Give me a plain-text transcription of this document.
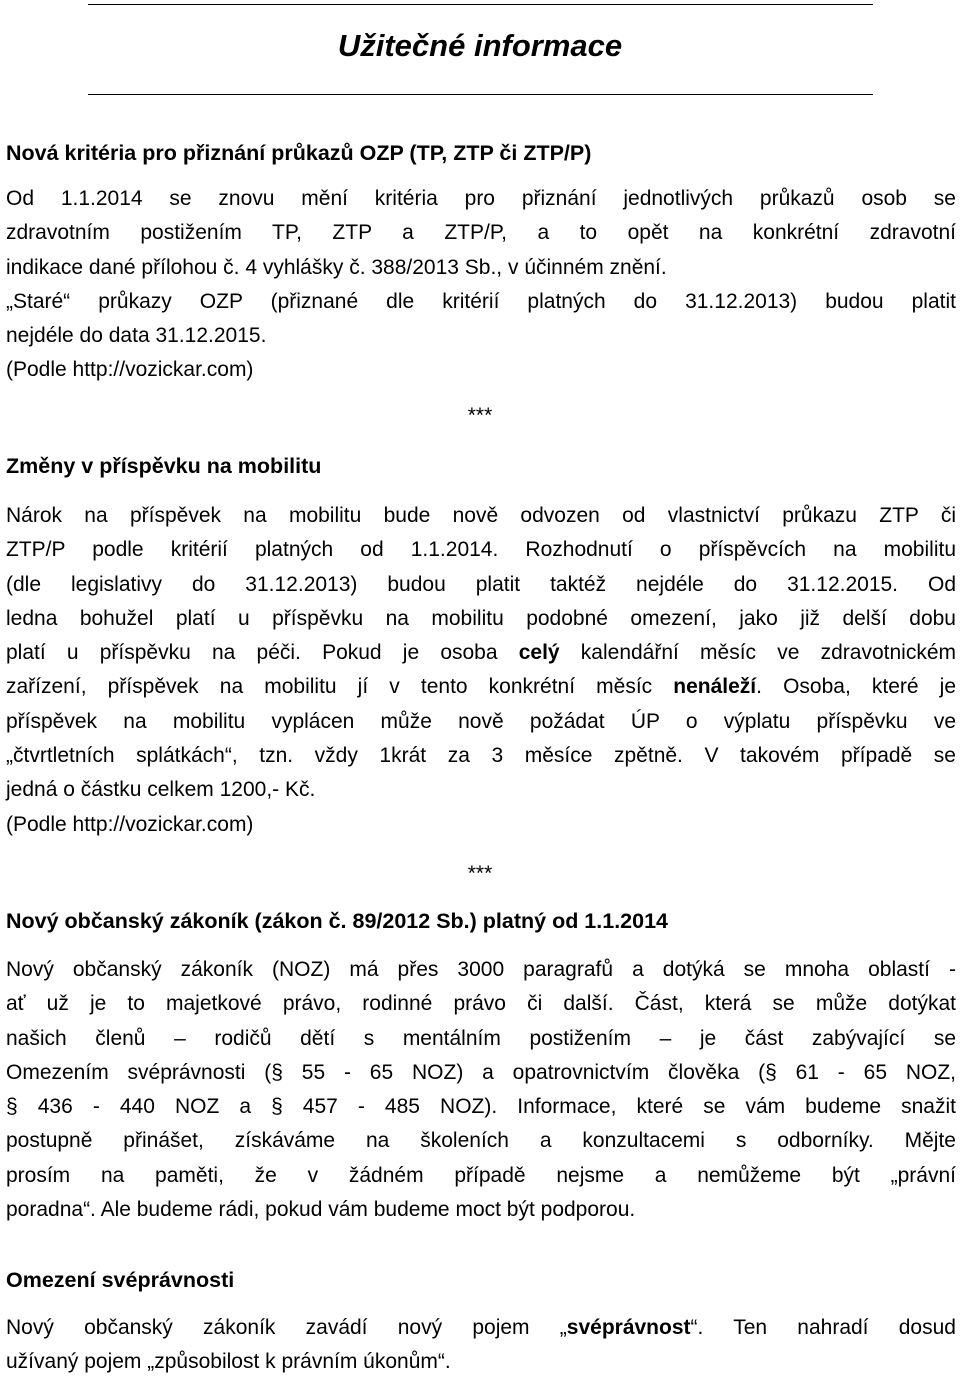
Užitečné informace
Nová kritéria pro přiznání průkazů OZP (TP, ZTP či ZTP/P)
Od 1.1.2014 se znovu mění kritéria pro přiznání jednotlivých průkazů osob se
zdravotním postižením TP, ZTP a ZTP/P, a to opět na konkrétní zdravotní
indikace dané přílohou č. 4 vyhlášky č. 388/2013 Sb., v účinném znění.
„Staré“ průkazy OZP (přiznané dle kritérií platných do 31.12.2013) budou platit
nejdéle do data 31.12.2015.
(Podle http://vozickar.com)
***
Změny v příspěvku na mobilitu
Nárok na příspěvek na mobilitu bude nově odvozen od vlastnictví průkazu ZTP či
ZTP/P podle kritérií platných od 1.1.2014. Rozhodnutí o příspěvcích na mobilitu
(dle legislativy do 31.12.2013) budou platit taktéž nejdéle do 31.12.2015. Od
ledna bohužel platí u příspěvku na mobilitu podobné omezení, jako již delší dobu
platí u příspěvku na péči. Pokud je osoba celý kalendářní měsíc ve zdravotnickém
zařízení, příspěvek na mobilitu jí v tento konkrétní měsíc nenáleží. Osoba, které je
příspěvek na mobilitu vyplácen může nově požádat ÚP o výplatu příspěvku ve
„čtvrtletních splátkách“, tzn. vždy 1krát za 3 měsíce zpětně. V takovém případě se
jedná o částku celkem 1200,- Kč.
(Podle http://vozickar.com)
***
Nový občanský zákoník (zákon č. 89/2012 Sb.) platný od 1.1.2014
Nový občanský zákoník (NOZ) má přes 3000 paragrafů a dotýká se mnoha oblastí -
ať už je to majetkové právo, rodinné právo či další. Část, která se může dotýkat
našich členů – rodičů dětí s mentálním postižením – je část zabývající se
Omezením svéprávnosti (§ 55 - 65 NOZ) a opatrovnictvím člověka (§ 61 - 65 NOZ,
§ 436 - 440 NOZ a § 457 - 485 NOZ). Informace, které se vám budeme snažit
postupně přinášet, získáváme na školeních a konzultacemi s odborníky. Mějte
prosím na paměti, že v žádném případě nejsme a nemůžeme být „právní
poradna“. Ale budeme rádi, pokud vám budeme moct být podporou.
Omezení svéprávnosti
Nový občanský zákoník zavádí nový pojem „svéprávnost“. Ten nahradí dosud
užívaný pojem „způsobilost k právním úkonům“.
